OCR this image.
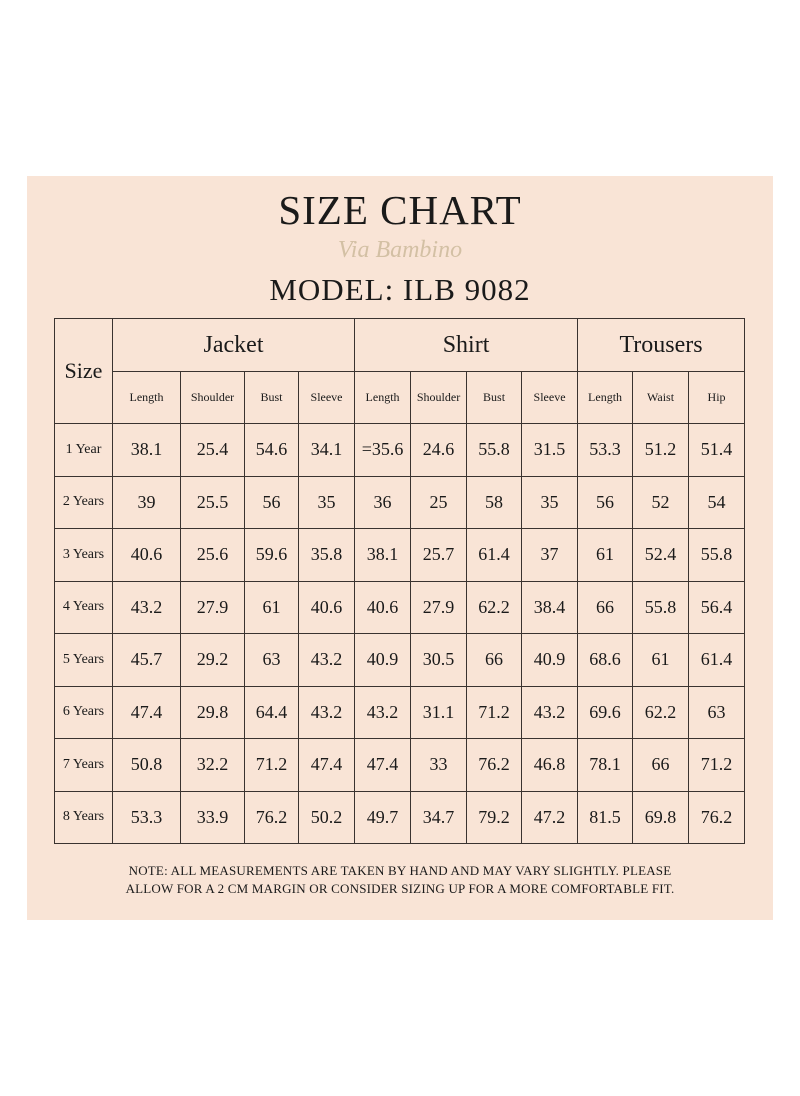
SIZE CHART
Via Bambino
MODEL: ILB 9082
Size	Jacket				Shirt				Trousers		
	Length	Shoulder	Bust	Sleeve	Length	Shoulder	Bust	Sleeve	Length	Waist	Hip
1 Year	38.1	25.4	54.6	34.1	=35.6	24.6	55.8	31.5	53.3	51.2	51.4
2 Years	39	25.5	56	35	36	25	58	35	56	52	54
3 Years	40.6	25.6	59.6	35.8	38.1	25.7	61.4	37	61	52.4	55.8
4 Years	43.2	27.9	61	40.6	40.6	27.9	62.2	38.4	66	55.8	56.4
5 Years	45.7	29.2	63	43.2	40.9	30.5	66	40.9	68.6	61	61.4
6 Years	47.4	29.8	64.4	43.2	43.2	31.1	71.2	43.2	69.6	62.2	63
7 Years	50.8	32.2	71.2	47.4	47.4	33	76.2	46.8	78.1	66	71.2
8 Years	53.3	33.9	76.2	50.2	49.7	34.7	79.2	47.2	81.5	69.8	76.2
NOTE: ALL MEASUREMENTS ARE TAKEN BY HAND AND MAY VARY SLIGHTLY. PLEASE
ALLOW FOR A 2 CM MARGIN OR CONSIDER SIZING UP FOR A MORE COMFORTABLE FIT.
